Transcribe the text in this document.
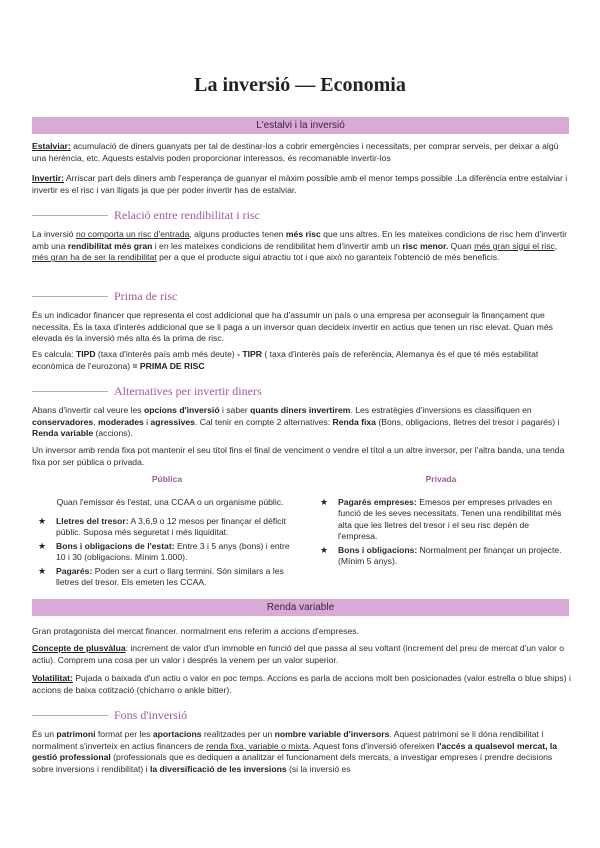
La inversió — Economia
L'estalvi i la inversió
Estalviar: acumulació de diners guanyats per tal de destinar-los a cobrir emergències i necessitats, per comprar serveis, per deixar a algú una herència, etc. Aquests estalvis poden proporcionar interessos, és recomanable invertir-los
Invertir: Arriscar part dels diners amb l'esperança de guanyar el màxim possible amb el menor temps possible .La diferència entre estalviar i invertir es el risc i van lligats ja que per poder invertir has de estalviar.
Relació entre rendibilitat i risc
La inversió no comporta un risc d'entrada, alguns productes tenen més risc que uns altres. En les mateixes condicions de risc hem d'invertir amb una rendibilitat més gran i en les mateixes condicions de rendibilitat hem d'invertir amb un risc menor. Quan més gran sigui el risc, més gran ha de ser la rendibilitat per a que el producte sigui atractiu tot i que això no garanteix l'obtenció de més beneficis.
Prima de risc
És un indicador financer que representa el cost addicional que ha d'assumir un país o una empresa per aconseguir la finançament que necessita. És la taxa d'interès addicional que se li paga a un inversor quan decideix invertir en actius que tenen un risc elevat. Quan més elevada és la inversió més alta és la prima de risc.
Es calcula: TIPD (taxa d'interès país amb més deute) - TIPR ( taxa d'interès país de referència, Alemanya és el que té més estabilitat econòmica de l'eurozona) = PRIMA DE RISC
Alternatives per invertir diners
Abans d'invertir cal veure les opcions d'inversió i saber quants diners invertirem. Les estratègies d'inversions es classifiquen en conservadores, moderades i agressives. Cal tenir en compte 2 alternatives: Renda fixa (Bons, obligacions, lletres del tresor i pagarés) i Renda variable (accions).
Un inversor amb renda fixa pot mantenir el seu títol fins el final de venciment o vendre el títol a un altre inversor, per l'altra banda, una tenda fixa por ser pública o privada.
Pública	Privada
Quan l'emissor és l'estat, una CCAA o un organisme públic.
★ Lletres del tresor: A 3,6,9 o 12 mesos per finançar el dèficit públic. Suposa més seguretat i més liquiditat.
★ Bons i obligacions de l'estat: Entre 3 i 5 anys (bons) i entre 10 i 30 (obligacions. Mínim 1.000).
★ Pagarés: Poden ser a curt o llarg termini. Són similars a les lletres del tresor. Els emeten les CCAA.
★ Pagarés empreses: Emesos per empreses privades en funció de les seves necessitats. Tenen una rendibilitat més alta que les lletres del tresor i el seu risc depèn de l'empresa.
★ Bons i obligacions: Normalment per finançar un projecte. (Mínim 5 anys).
Renda variable
Gran protagonista del mercat financer. normalment ens referim a accions d'empreses.
Concepte de plusvàlua: increment de valor d'un immoble en funció del que passa al seu voltant (increment del preu de mercat d'un valor o actiu). Comprem una cosa per un valor i després la venem per un valor superior.
Volatilitat: Pujada o baixada d'un actiu o valor en poc temps. Accions es parla de accions molt ben posicionades (valor estrella o blue ships) i accions de baixa cotització (chicharro o ankle bitter).
Fons d'inversió
És un patrimoni format per les aportacions realitzades per un nombre variable d'inversors. Aquest patrimoni se li dóna rendibilitat i normalment s'inverteix en actius financers de renda fixa, variable o mixta. Aquest fons d'inversió ofereixen l'accés a qualsevol mercat, la gestió professional (professionals que es dediquen a analitzar el funcionament dels mercats, a investigar empreses i prendre decisions sobre inversions i rendibilitat) i la diversificació de les inversions (si la inversió es
